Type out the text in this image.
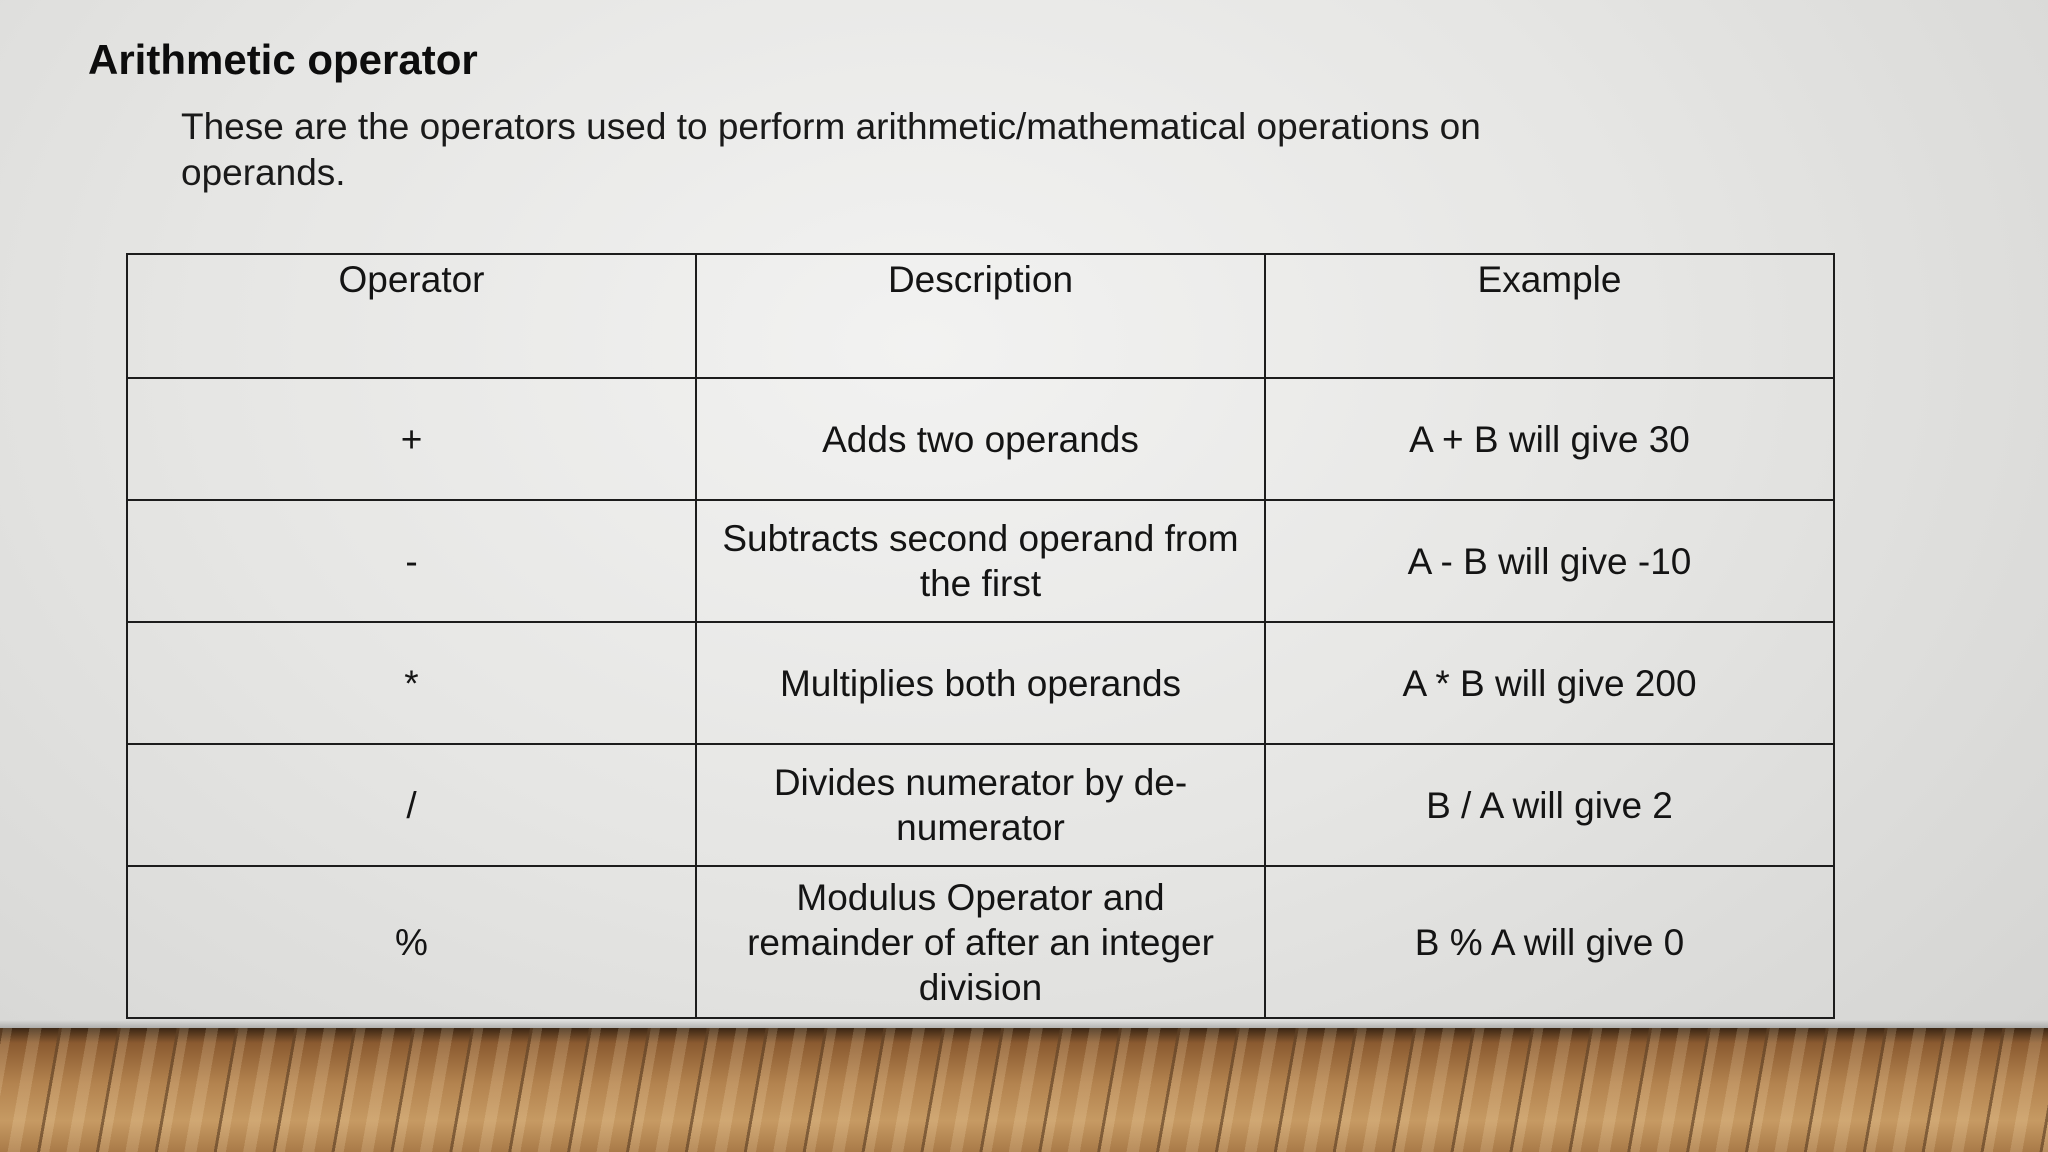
Arithmetic operator

These are the operators used to perform arithmetic/mathematical operations on operands.

Operator	Description	Example
+	Adds two operands	A + B will give 30
-	Subtracts second operand from the first	A - B will give -10
*	Multiplies both operands	A * B will give 200
/	Divides numerator by de-numerator	B / A will give 2
%	Modulus Operator and remainder of after an integer division	B % A will give 0
